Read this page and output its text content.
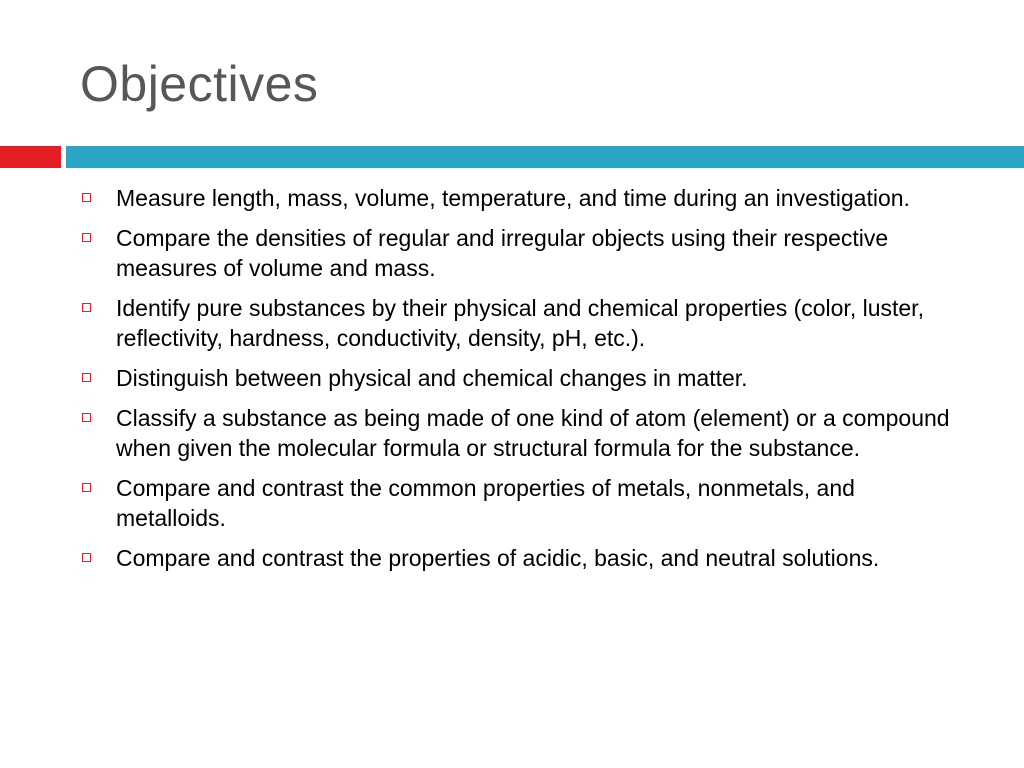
Objectives
Measure length, mass, volume, temperature, and time during an investigation.
Compare the densities of regular and irregular objects using their respective measures of volume and mass.
Identify pure substances by their physical and chemical properties (color, luster, reflectivity, hardness, conductivity, density, pH, etc.).
Distinguish between physical and chemical changes in matter.
Classify a substance as being made of one kind of atom (element) or a compound when given the molecular formula or structural formula for the substance.
Compare and contrast the common properties of metals, nonmetals, and metalloids.
Compare and contrast the properties of acidic, basic, and neutral solutions.
